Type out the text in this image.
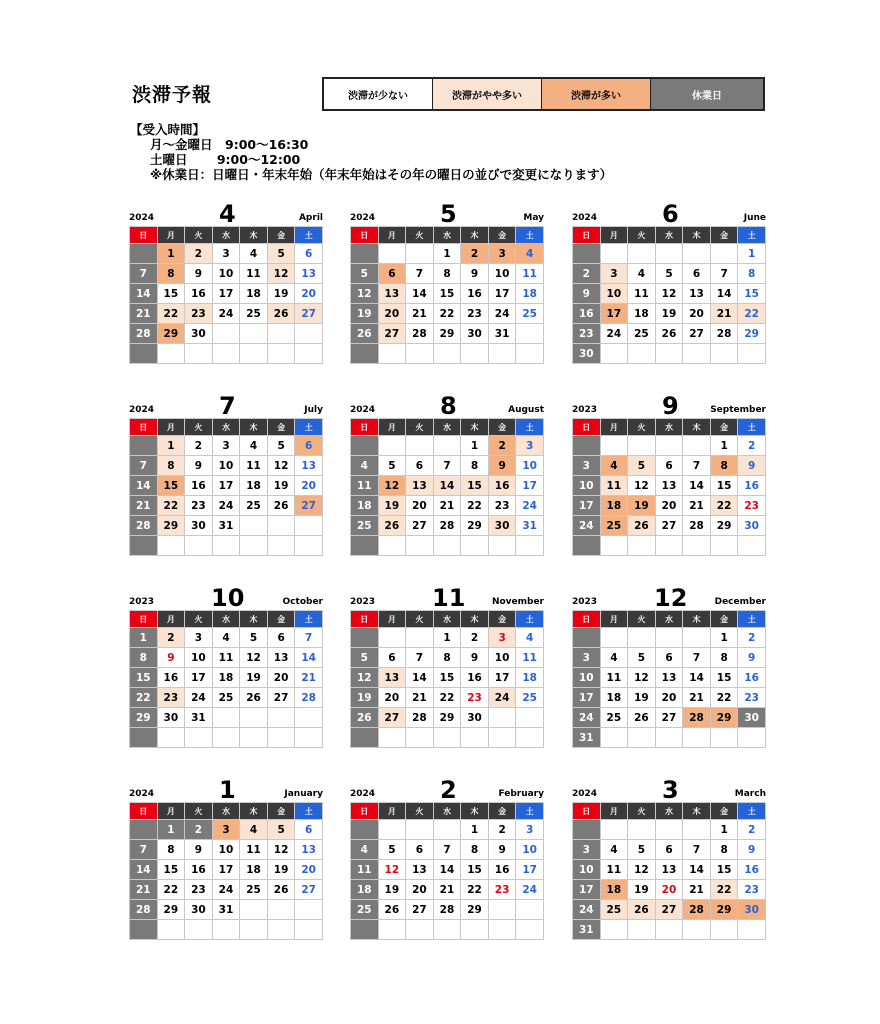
渋滞予報	渋滞が少ない	渋滞がやや多い	渋滞が多い	休業日
【受入時間】
月～金曜日　9:00～16:30
土曜日　　 9:00～12:00
※休業日：日曜日・年末年始（年末年始はその年の曜日の並びで変更になります）
2024	4	April
日	月	火	水	木	金	土
	1	2	3	4	5	6
7	8	9	10	11	12	13
14	15	16	17	18	19	20
21	22	23	24	25	26	27
28	29	30				

2024	5	May
日	月	火	水	木	金	土
			1	2	3	4
5	6	7	8	9	10	11
12	13	14	15	16	17	18
19	20	21	22	23	24	25
26	27	28	29	30	31	

2024	6	June
日	月	火	水	木	金	土
						1
2	3	4	5	6	7	8
9	10	11	12	13	14	15
16	17	18	19	20	21	22
23	24	25	26	27	28	29
30						
2024	7	July
日	月	火	水	木	金	土
	1	2	3	4	5	6
7	8	9	10	11	12	13
14	15	16	17	18	19	20
21	22	23	24	25	26	27
28	29	30	31			

2024	8	August
日	月	火	水	木	金	土
				1	2	3
4	5	6	7	8	9	10
11	12	13	14	15	16	17
18	19	20	21	22	23	24
25	26	27	28	29	30	31

2023	9	September
日	月	火	水	木	金	土
					1	2
3	4	5	6	7	8	9
10	11	12	13	14	15	16
17	18	19	20	21	22	23
24	25	26	27	28	29	30

2023 10	October
日	月	火	水	木	金	土
1	2	3	4	5	6	7
8	9	10	11	12	13	14
15	16	17	18	19	20	21
22	23	24	25	26	27	28
29	30	31				

2023 11	November
日	月	火	水	木	金	土
			1	2	3	4
5	6	7	8	9	10	11
12	13	14	15	16	17	18
19	20	21	22	23	24	25
26	27	28	29	30		

2023 12	December
日	月	火	水	木	金	土
					1	2
3	4	5	6	7	8	9
10	11	12	13	14	15	16
17	18	19	20	21	22	23
24	25	26	27	28	29	30
31						
2024	1	January
日	月	火	水	木	金	土
	1	2	3	4	5	6
7	8	9	10	11	12	13
14	15	16	17	18	19	20
21	22	23	24	25	26	27
28	29	30	31			

2024	2	February
日	月	火	水	木	金	土
				1	2	3
4	5	6	7	8	9	10
11	12	13	14	15	16	17
18	19	20	21	22	23	24
25	26	27	28	29		

2024	3	March
日	月	火	水	木	金	土
					1	2
3	4	5	6	7	8	9
10	11	12	13	14	15	16
17	18	19	20	21	22	23
24	25	26	27	28	29	30
31						
